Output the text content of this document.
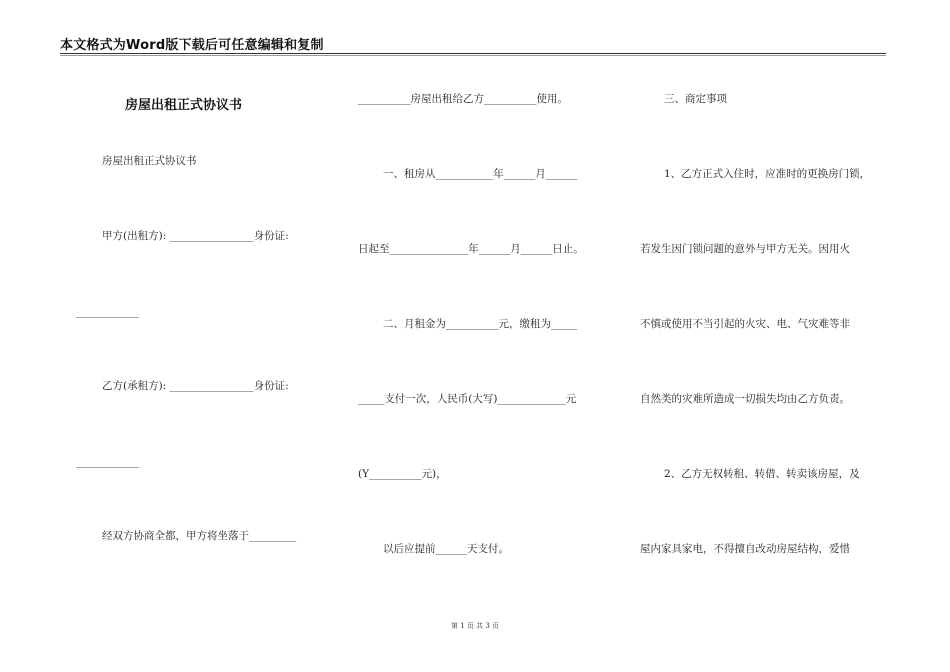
本文格式为Word版下载后可任意编辑和复制
房屋出租正式协议书
房屋出租正式协议书
甲方(出租方): ________________身份证:
____________
乙方(承租方): ________________身份证:
____________
经双方协商全都，甲方将坐落于_________
__________房屋出租给乙方__________使用。
一、租房从___________年______月______
日起至_______________年______月______日止。
二、月租金为__________元，缴租为_____
_____支付一次，人民币(大写)_____________元
(Y__________元)，
以后应提前______天支付。
三、商定事项
1、乙方正式入住时，应准时的更换房门锁，
若发生因门锁问题的意外与甲方无关。因用火
不慎或使用不当引起的火灾、电、气灾难等非
自然类的灾难所造成一切损失均由乙方负责。
2、乙方无权转租、转借、转卖该房屋，及
屋内家具家电，不得擅自改动房屋结构，爱惜
第 1 页 共 3 页
